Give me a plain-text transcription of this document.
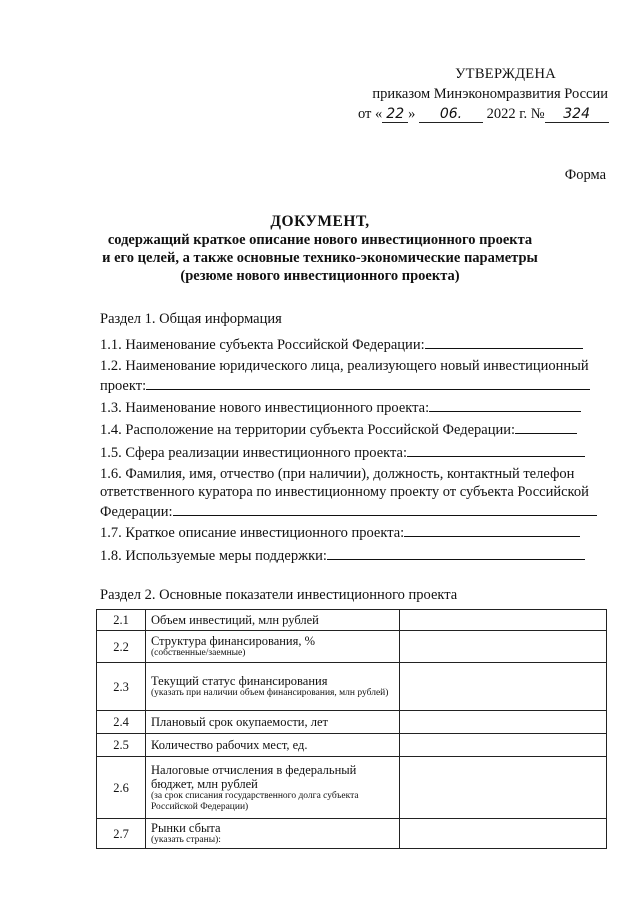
УТВЕРЖДЕНА
приказом Минэкономразвития России
от « 22 » 06. 2022 г. № 324
Форма
ДОКУМЕНТ,
содержащий краткое описание нового инвестиционного проекта
и его целей, а также основные технико-экономические параметры
(резюме нового инвестиционного проекта)
Раздел 1. Общая информация
1.1. Наименование субъекта Российской Федерации:
1.2. Наименование юридического лица, реализующего новый инвестиционный
проект:
1.3. Наименование нового инвестиционного проекта:
1.4. Расположение на территории субъекта Российской Федерации:
1.5. Сфера реализации инвестиционного проекта:
1.6. Фамилия, имя, отчество (при наличии), должность, контактный телефон
ответственного куратора по инвестиционному проекту от субъекта Российской
Федерации:
1.7. Краткое описание инвестиционного проекта:
1.8. Используемые меры поддержки:
Раздел 2. Основные показатели инвестиционного проекта
2.1	Объем инвестиций, млн рублей	
2.2	Структура финансирования, %
(собственные/заемные)	

2.3	Текущий статус финансирования
(указать при наличии объем финансирования, млн рублей)	

2.4	Плановый срок окупаемости, лет	
2.5	Количество рабочих мест, ед.	
2.6	Налоговые отчисления в федеральный бюджет, млн рублей
(за срок списания государственного долга субъекта Российской Федерации)	

2.7	Рынки сбыта
(указать страны):	
